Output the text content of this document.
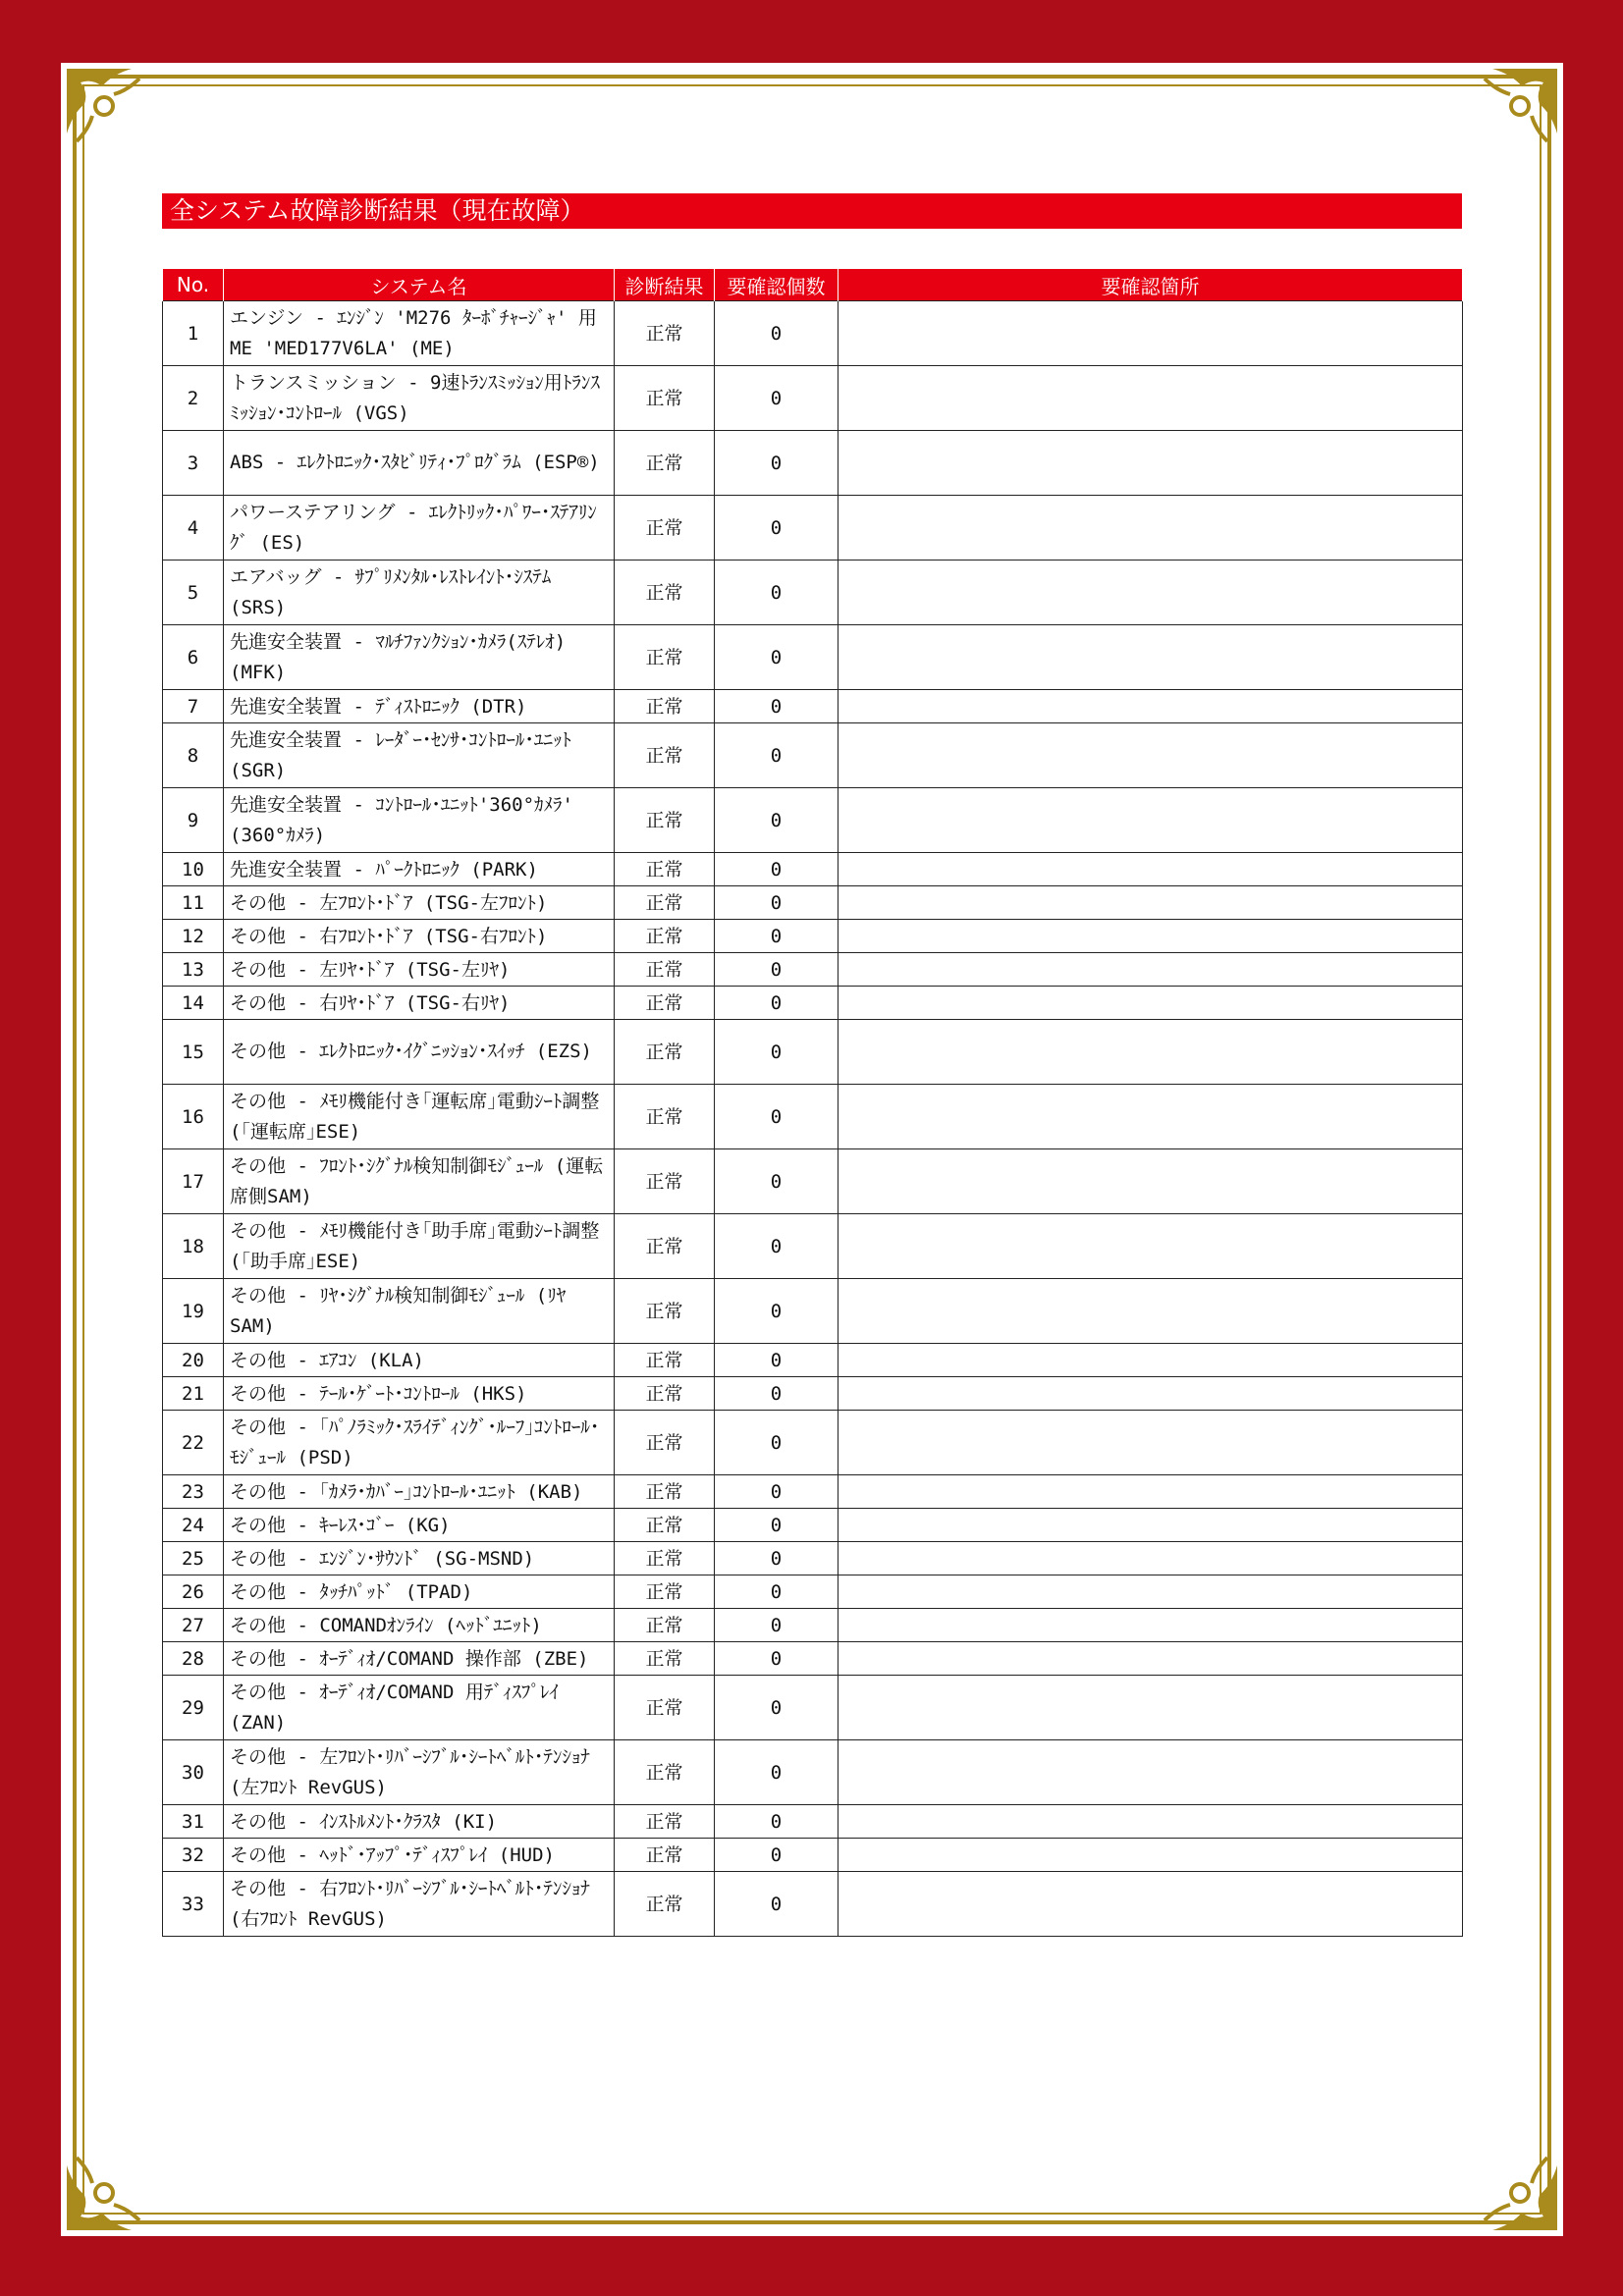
全システム故障診断結果（現在故障）
No.	システム名	診断結果	要確認個数	要確認箇所
1	エンジン - ｴﾝｼﾞﾝ 'M276 ﾀｰﾎﾞﾁｬｰｼﾞｬ' 用ME 'MED177V6LA' (ME)	正常	0	
2	トランスミッション - 9速ﾄﾗﾝｽﾐｯｼｮﾝ用ﾄﾗﾝｽﾐｯｼｮﾝ･ｺﾝﾄﾛｰﾙ (VGS)	正常	0	
3	ABS - ｴﾚｸﾄﾛﾆｯｸ･ｽﾀﾋﾞﾘﾃｨ･ﾌﾟﾛｸﾞﾗﾑ (ESP®)	正常	0	
4	パワーステアリング - ｴﾚｸﾄﾘｯｸ･ﾊﾟﾜｰ･ｽﾃｱﾘﾝｸﾞ (ES)	正常	0	
5	エアバッグ - ｻﾌﾟﾘﾒﾝﾀﾙ･ﾚｽﾄﾚｲﾝﾄ･ｼｽﾃﾑ (SRS)	正常	0	
6	先進安全装置 - ﾏﾙﾁﾌｧﾝｸｼｮﾝ･ｶﾒﾗ(ｽﾃﾚｵ) (MFK)	正常	0	
7	先進安全装置 - ﾃﾞｨｽﾄﾛﾆｯｸ (DTR)	正常	0	
8	先進安全装置 - ﾚｰﾀﾞｰ･ｾﾝｻ･ｺﾝﾄﾛｰﾙ･ﾕﾆｯﾄ (SGR)	正常	0	
9	先進安全装置 - ｺﾝﾄﾛｰﾙ･ﾕﾆｯﾄ'360°ｶﾒﾗ' (360°ｶﾒﾗ)	正常	0	
10	先進安全装置 - ﾊﾟｰｸﾄﾛﾆｯｸ (PARK)	正常	0	
11	その他 - 左ﾌﾛﾝﾄ･ﾄﾞｱ (TSG-左ﾌﾛﾝﾄ)	正常	0	
12	その他 - 右ﾌﾛﾝﾄ･ﾄﾞｱ (TSG-右ﾌﾛﾝﾄ)	正常	0	
13	その他 - 左ﾘﾔ･ﾄﾞｱ (TSG-左ﾘﾔ)	正常	0	
14	その他 - 右ﾘﾔ･ﾄﾞｱ (TSG-右ﾘﾔ)	正常	0	
15	その他 - ｴﾚｸﾄﾛﾆｯｸ･ｲｸﾞﾆｯｼｮﾝ･ｽｲｯﾁ (EZS)	正常	0	
16	その他 - ﾒﾓﾘ機能付き｢運転席｣電動ｼｰﾄ調整 (｢運転席｣ESE)	正常	0	
17	その他 - ﾌﾛﾝﾄ･ｼｸﾞﾅﾙ検知制御ﾓｼﾞｭｰﾙ (運転席側SAM)	正常	0	
18	その他 - ﾒﾓﾘ機能付き｢助手席｣電動ｼｰﾄ調整 (｢助手席｣ESE)	正常	0	
19	その他 - ﾘﾔ･ｼｸﾞﾅﾙ検知制御ﾓｼﾞｭｰﾙ (ﾘﾔSAM)	正常	0	
20	その他 - ｴｱｺﾝ (KLA)	正常	0	
21	その他 - ﾃｰﾙ･ｹﾞｰﾄ･ｺﾝﾄﾛｰﾙ (HKS)	正常	0	
22	その他 - ｢ﾊﾟﾉﾗﾐｯｸ･ｽﾗｲﾃﾞｨﾝｸﾞ･ﾙｰﾌ｣ｺﾝﾄﾛｰﾙ･ﾓｼﾞｭｰﾙ (PSD)	正常	0	
23	その他 - ｢ｶﾒﾗ･ｶﾊﾞｰ｣ｺﾝﾄﾛｰﾙ･ﾕﾆｯﾄ (KAB)	正常	0	
24	その他 - ｷｰﾚｽ･ｺﾞｰ (KG)	正常	0	
25	その他 - ｴﾝｼﾞﾝ･ｻｳﾝﾄﾞ (SG-MSND)	正常	0	
26	その他 - ﾀｯﾁﾊﾟｯﾄﾞ (TPAD)	正常	0	
27	その他 - COMANDｵﾝﾗｲﾝ (ﾍｯﾄﾞﾕﾆｯﾄ)	正常	0	
28	その他 - ｵｰﾃﾞｨｵ/COMAND 操作部 (ZBE)	正常	0	
29	その他 - ｵｰﾃﾞｨｵ/COMAND 用ﾃﾞｨｽﾌﾟﾚｲ (ZAN)	正常	0	
30	その他 - 左ﾌﾛﾝﾄ･ﾘﾊﾞｰｼﾌﾞﾙ･ｼｰﾄﾍﾞﾙﾄ･ﾃﾝｼｮﾅ (左ﾌﾛﾝﾄ RevGUS)	正常	0	
31	その他 - ｲﾝｽﾄﾙﾒﾝﾄ･ｸﾗｽﾀ (KI)	正常	0	
32	その他 - ﾍｯﾄﾞ･ｱｯﾌﾟ･ﾃﾞｨｽﾌﾟﾚｲ (HUD)	正常	0	
33	その他 - 右ﾌﾛﾝﾄ･ﾘﾊﾞｰｼﾌﾞﾙ･ｼｰﾄﾍﾞﾙﾄ･ﾃﾝｼｮﾅ (右ﾌﾛﾝﾄ RevGUS)	正常	0	
